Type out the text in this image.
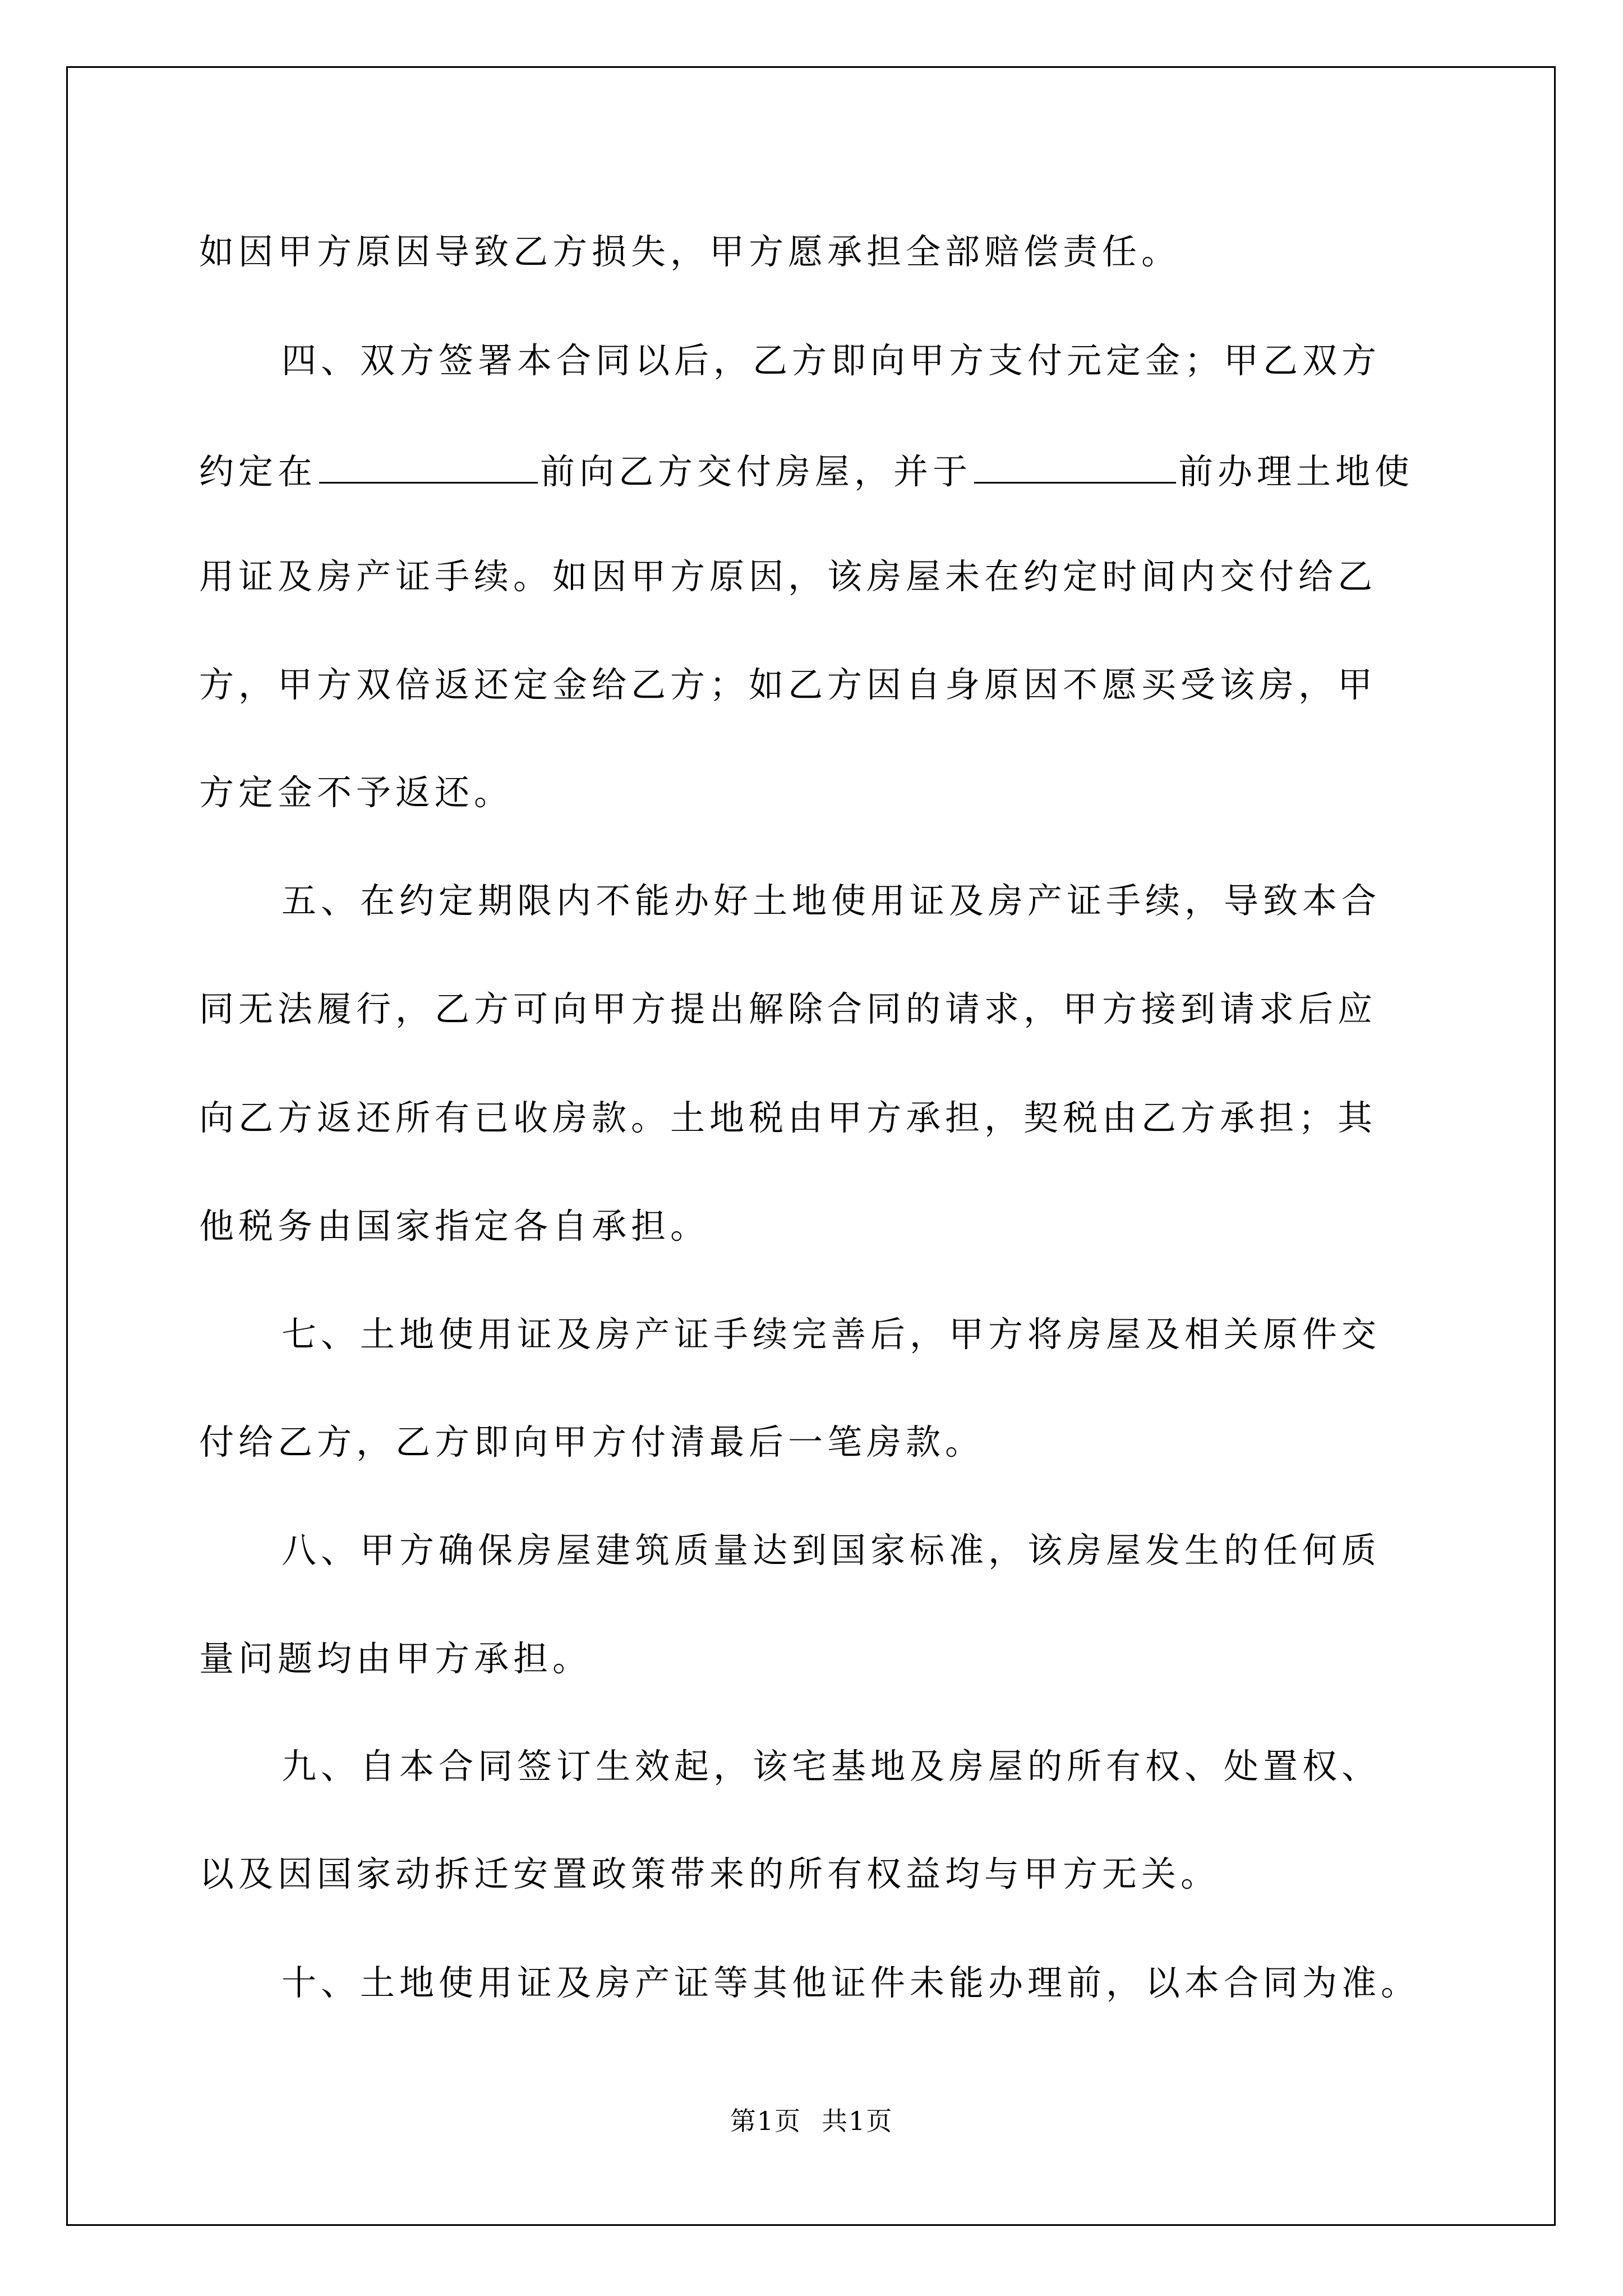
如因甲方原因导致乙方损失，甲方愿承担全部赔偿责任。
四、双方签署本合同以后，乙方即向甲方支付元定金；甲乙双方
约定在	前向乙方交付房屋，并于	前办理土地使
用证及房产证手续。如因甲方原因，该房屋未在约定时间内交付给乙
方，甲方双倍返还定金给乙方；如乙方因自身原因不愿买受该房，甲
方定金不予返还。
五、在约定期限内不能办好土地使用证及房产证手续，导致本合
同无法履行，乙方可向甲方提出解除合同的请求，甲方接到请求后应
向乙方返还所有已收房款。土地税由甲方承担，契税由乙方承担；其
他税务由国家指定各自承担。
七、土地使用证及房产证手续完善后，甲方将房屋及相关原件交
付给乙方，乙方即向甲方付清最后一笔房款。
八、甲方确保房屋建筑质量达到国家标准，该房屋发生的任何质
量问题均由甲方承担。
九、自本合同签订生效起，该宅基地及房屋的所有权、处置权、
以及因国家动拆迁安置政策带来的所有权益均与甲方无关。
十、土地使用证及房产证等其他证件未能办理前，以本合同为准。
第1页 共1页
